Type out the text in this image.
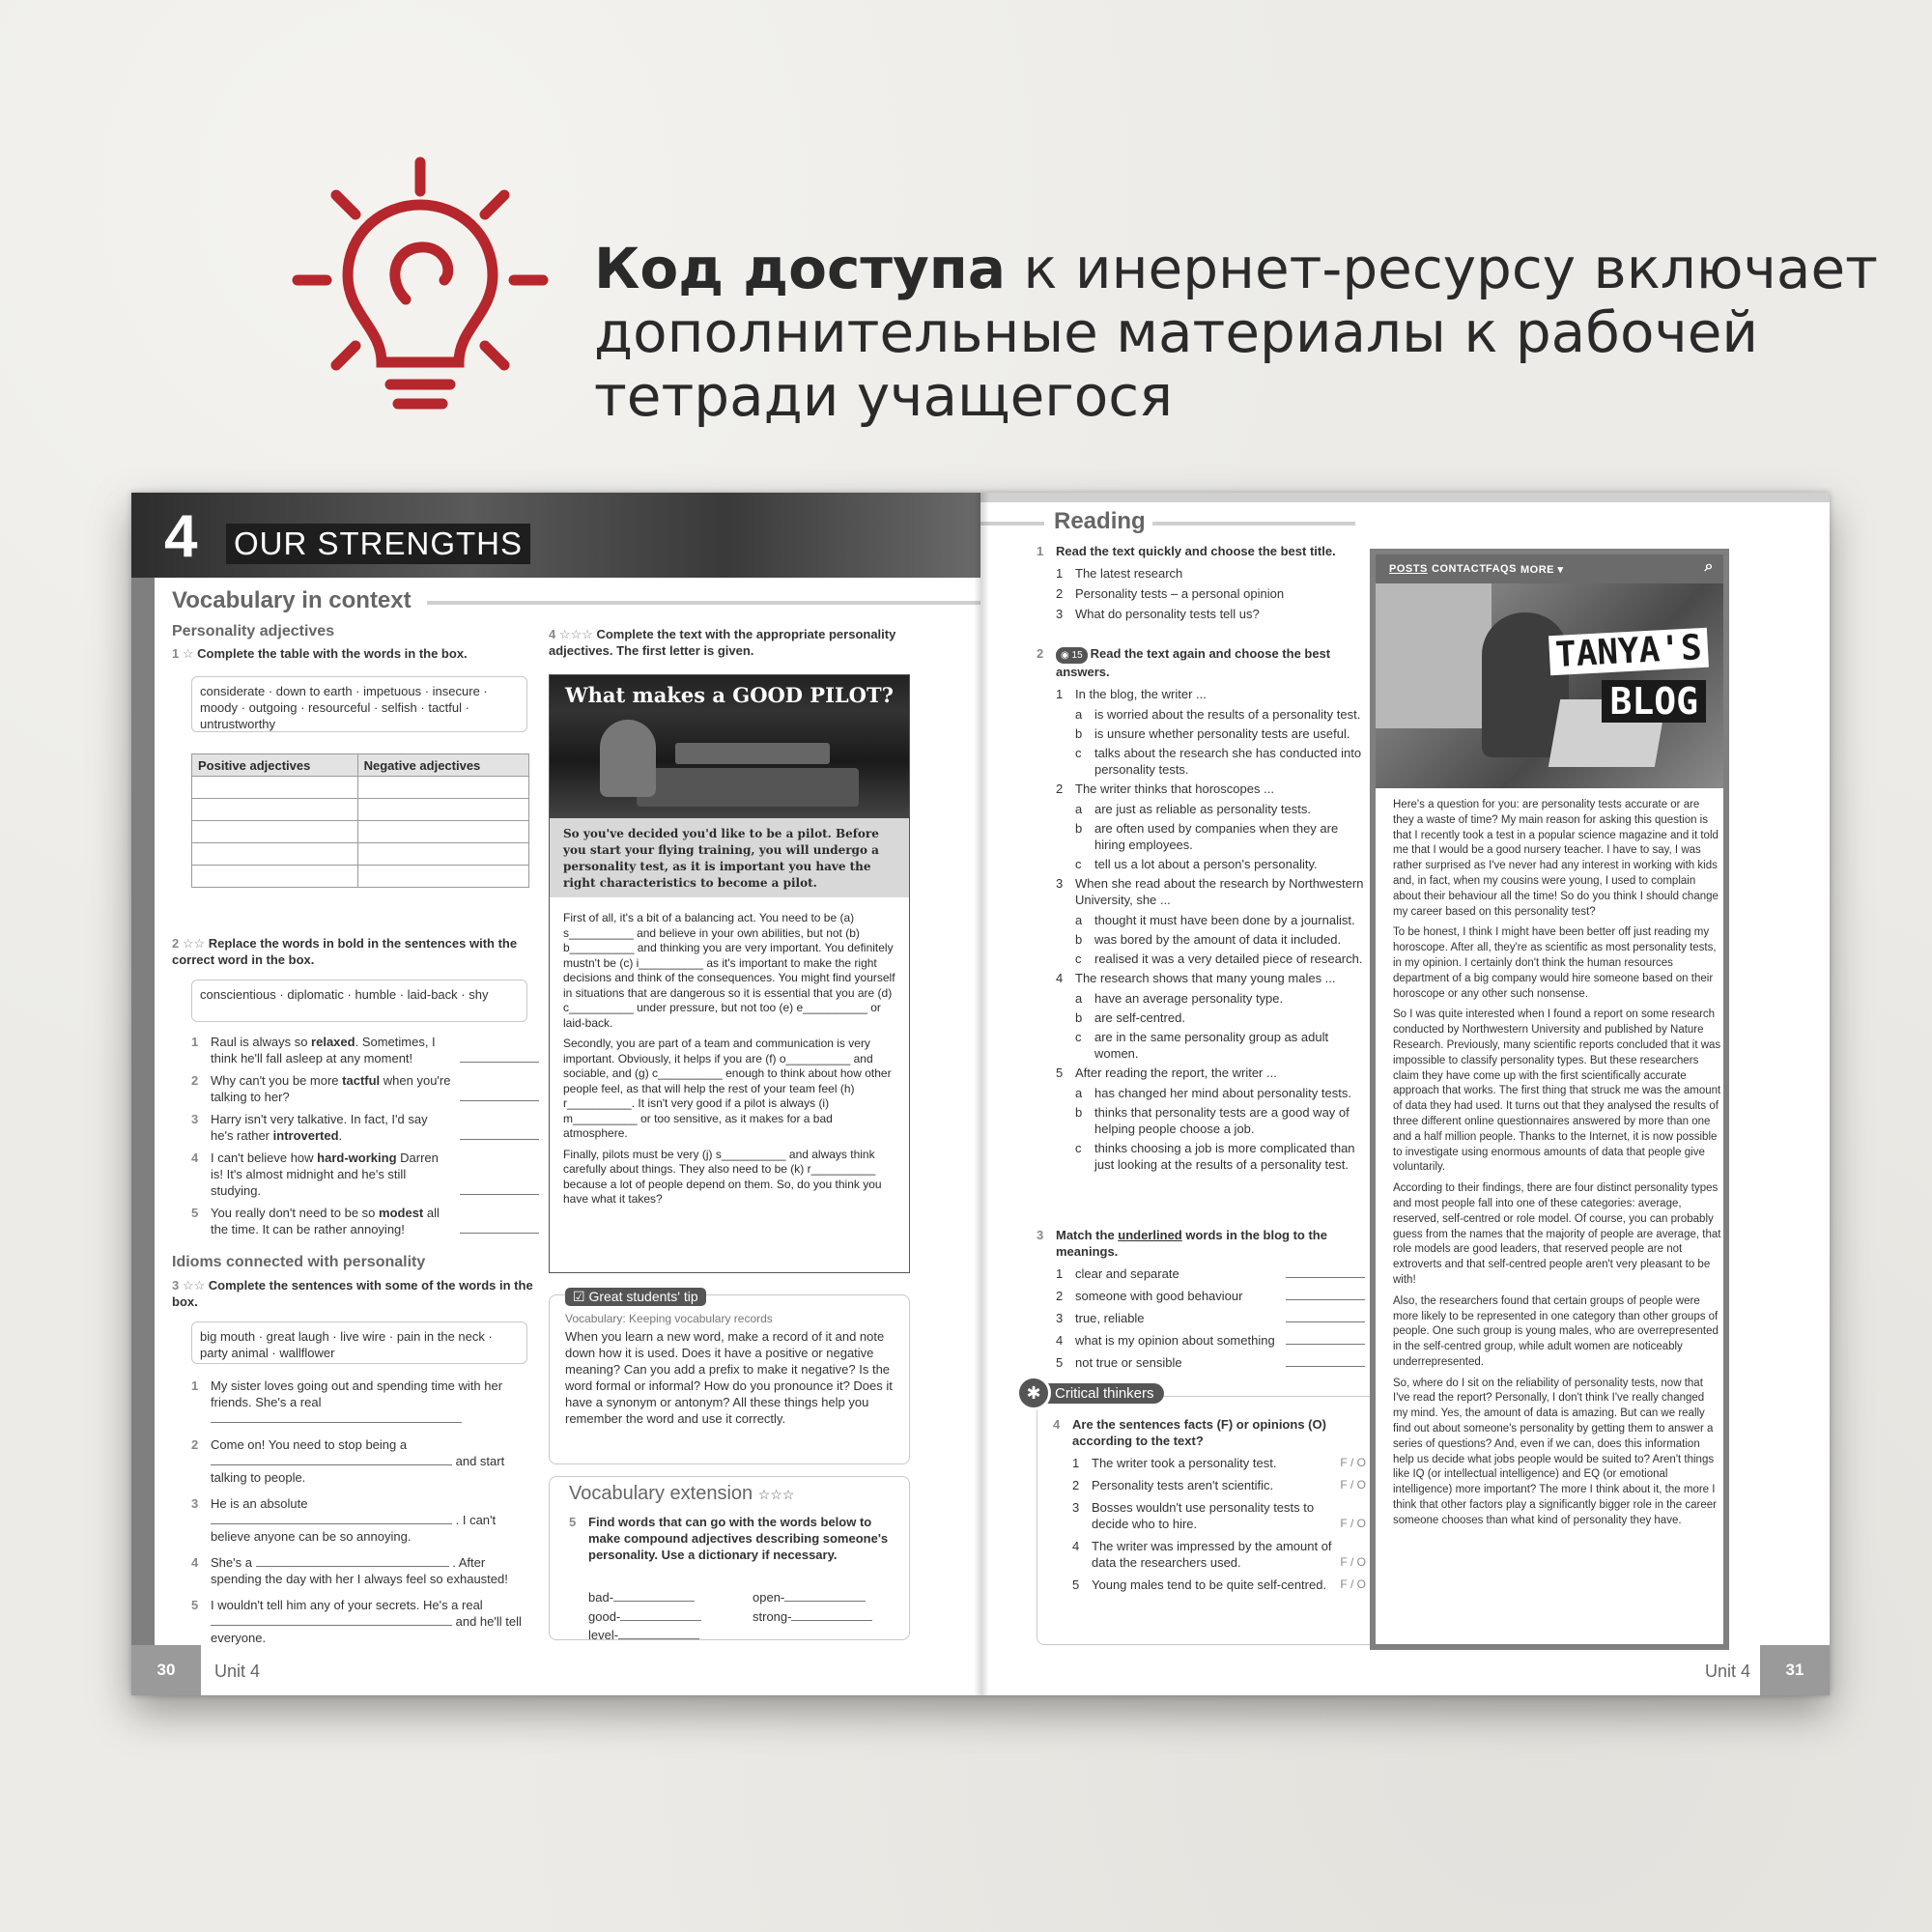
Код доступа к инернет-ресурсу включает дополнительные материалы к рабочей тетради учащегося
4 OUR STRENGTHS
Vocabulary in context
Personality adjectives
1 ☆ Complete the table with the words in the box.
considerate · down to earth · impetuous · insecure · moody · outgoing · resourceful · selfish · tactful · untrustworthy
Positive adjectives	Negative adjectives

2 ☆☆ Replace the words in bold in the sentences with the correct word in the box.
conscientious · diplomatic · humble · laid-back · shy
1 Raul is always so relaxed. Sometimes, I think he'll fall asleep at any moment!
2 Why can't you be more tactful when you're talking to her?
3 Harry isn't very talkative. In fact, I'd say he's rather introverted.
4 I can't believe how hard-working Darren is! It's almost midnight and he's still studying.
5 You really don't need to be so modest all the time. It can be rather annoying!
Idioms connected with personality
3 ☆☆ Complete the sentences with some of the words in the box.
big mouth · great laugh · live wire · pain in the neck · party animal · wallflower
1 My sister loves going out and spending time with her friends. She's a real

2 Come on! You need to stop being a
and start talking to people.
3 He is an absolute
. I can't believe anyone can be so annoying.
4 She's a	. After spending the day with her I always feel so exhausted!
5 I wouldn't tell him any of your secrets. He's a real
and he'll tell everyone.
4 ☆☆☆ Complete the text with the appropriate personality adjectives. The first letter is given.
What makes a GOOD PILOT?
So you've decided you'd like to be a pilot. Before you start your flying training, you will undergo a personality test, as it is important you have the right characteristics to become a pilot.

First of all, it's a bit of a balancing act. You need to be (a) s__________ and believe in your own abilities, but not (b) b__________ and thinking you are very important. You definitely mustn't be (c) i__________ as it's important to make the right decisions and think of the consequences. You might find yourself in situations that are dangerous so it is essential that you are (d) c__________ under pressure, but not too (e) e__________ or laid-back.

Secondly, you are part of a team and communication is very important. Obviously, it helps if you are (f) o__________ and sociable, and (g) c__________ enough to think about how other people feel, as that will help the rest of your team feel (h) r__________. It isn't very good if a pilot is always (i) m__________ or too sensitive, as it makes for a bad atmosphere.

Finally, pilots must be very (j) s__________ and always think carefully about things. They also need to be (k) r__________ because a lot of people depend on them. So, do you think you have what it takes?

☑ Great students' tip
Vocabulary: Keeping vocabulary records
When you learn a new word, make a record of it and note down how it is used. Does it have a positive or negative meaning? Can you add a prefix to make it negative? Is the word formal or informal? How do you pronounce it? Does it have a synonym or antonym? All these things help you remember the word and use it correctly.
Vocabulary extension ☆☆☆
5 Find words that can go with the words below to make compound adjectives describing someone's personality. Use a dictionary if necessary.
bad-	open-
good-	strong-
level-
30	Unit 4
Reading
1 Read the text quickly and choose the best title.
1 The latest research
2 Personality tests – a personal opinion
3 What do personality tests tell us?
2 ◉ 15 Read the text again and choose the best answers.
1 In the blog, the writer ...
a is worried about the results of a personality test.
b is unsure whether personality tests are useful.
c talks about the research she has conducted into personality tests.
2 The writer thinks that horoscopes ...
a are just as reliable as personality tests.
b are often used by companies when they are hiring employees.
c tell us a lot about a person's personality.
3 When she read about the research by Northwestern University, she ...
a thought it must have been done by a journalist.
b was bored by the amount of data it included.
c realised it was a very detailed piece of research.
4 The research shows that many young males ...
a have an average personality type.
b are self-centred.
c are in the same personality group as adult women.
5 After reading the report, the writer ...
a has changed her mind about personality tests.
b thinks that personality tests are a good way of helping people choose a job.
c thinks choosing a job is more complicated than just looking at the results of a personality test.
3 Match the underlined words in the blog to the meanings.
1 clear and separate
2 someone with good behaviour
3 true, reliable
4 what is my opinion about something
5 not true or sensible
Critical thinkers
✱
4 Are the sentences facts (F) or opinions (O) according to the text?
1 The writer took a personality test.	F / O
2 Personality tests aren't scientific.	F / O
3 Bosses wouldn't use personality tests to decide who to hire.	F / O
4 The writer was impressed by the amount of data the researchers used.	F / O
5 Young males tend to be quite self-centred. F / O
POSTS CONTACT FAQS MORE ▾	⌕
TANYA'S
BLOG

Here's a question for you: are personality tests accurate or are they a waste of time? My main reason for asking this question is that I recently took a test in a popular science magazine and it told me that I would be a good nursery teacher. I have to say, I was rather surprised as I've never had any interest in working with kids and, in fact, when my cousins were young, I used to complain about their behaviour all the time! So do you think I should change my career based on this personality test?

To be honest, I think I might have been better off just reading my horoscope. After all, they're as scientific as most personality tests, in my opinion. I certainly don't think the human resources department of a big company would hire someone based on their horoscope or any other such nonsense.

So I was quite interested when I found a report on some research conducted by Northwestern University and published by Nature Research. Previously, many scientific reports concluded that it was impossible to classify personality types. But these researchers claim they have come up with the first scientifically accurate approach that works. The first thing that struck me was the amount of data they had used. It turns out that they analysed the results of three different online questionnaires answered by more than one and a half million people. Thanks to the Internet, it is now possible to investigate using enormous amounts of data that people give voluntarily.

According to their findings, there are four distinct personality types and most people fall into one of these categories: average, reserved, self-centred or role model. Of course, you can probably guess from the names that the majority of people are average, that role models are good leaders, that reserved people are not extroverts and that self-centred people aren't very pleasant to be with!

Also, the researchers found that certain groups of people were more likely to be represented in one category than other groups of people. One such group is young males, who are overrepresented in the self-centred group, while adult women are noticeably underrepresented.

So, where do I sit on the reliability of personality tests, now that I've read the report? Personally, I don't think I've really changed my mind. Yes, the amount of data is amazing. But can we really find out about someone's personality by getting them to answer a series of questions? And, even if we can, does this information help us decide what jobs people would be suited to? Aren't things like IQ (or intellectual intelligence) and EQ (or emotional intelligence) more important? The more I think about it, the more I think that other factors play a significantly bigger role in the career someone chooses than what kind of personality they have.

Unit 4	31
